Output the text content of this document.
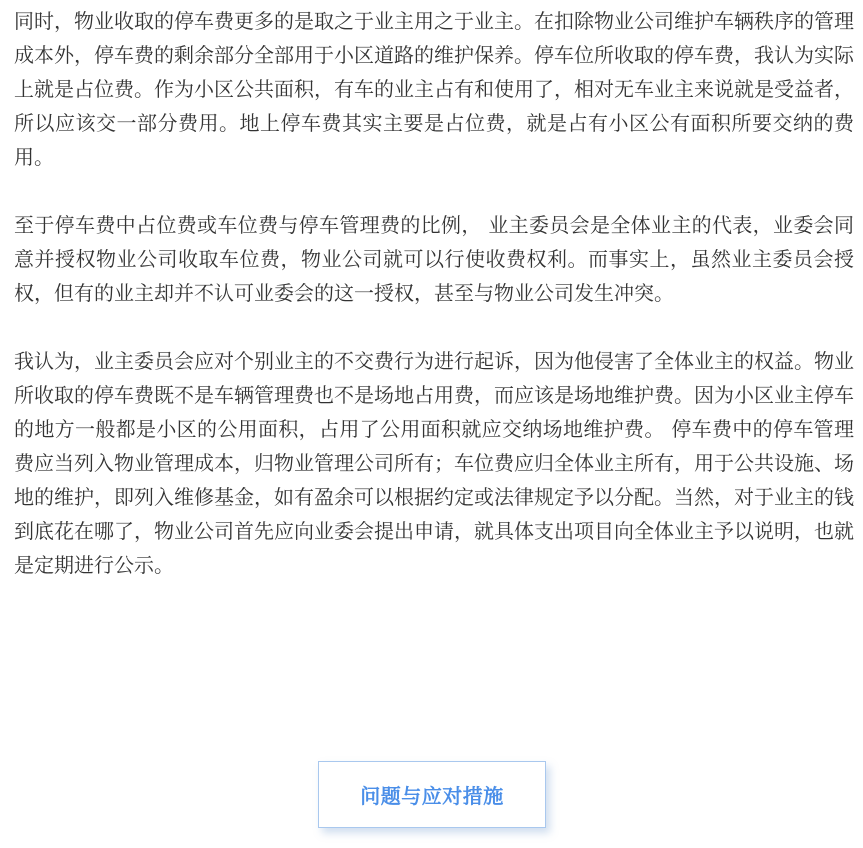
同时，物业收取的停车费更多的是取之于业主用之于业主。在扣除物业公司维护车辆秩序的管理成本外，停车费的剩余部分全部用于小区道路的维护保养。停车位所收取的停车费，我认为实际上就是占位费。作为小区公共面积，有车的业主占有和使用了，相对无车业主来说就是受益者，所以应该交一部分费用。地上停车费其实主要是占位费，就是占有小区公有面积所要交纳的费用。

至于停车费中占位费或车位费与停车管理费的比例， 业主委员会是全体业主的代表，业委会同意并授权物业公司收取车位费，物业公司就可以行使收费权利。而事实上，虽然业主委员会授权，但有的业主却并不认可业委会的这一授权，甚至与物业公司发生冲突。

我认为，业主委员会应对个别业主的不交费行为进行起诉，因为他侵害了全体业主的权益。物业所收取的停车费既不是车辆管理费也不是场地占用费，而应该是场地维护费。因为小区业主停车的地方一般都是小区的公用面积，占用了公用面积就应交纳场地维护费。 停车费中的停车管理费应当列入物业管理成本，归物业管理公司所有；车位费应归全体业主所有，用于公共设施、场地的维护，即列入维修基金，如有盈余可以根据约定或法律规定予以分配。当然，对于业主的钱到底花在哪了，物业公司首先应向业委会提出申请，就具体支出项目向全体业主予以说明，也就是定期进行公示。

问题与应对措施
